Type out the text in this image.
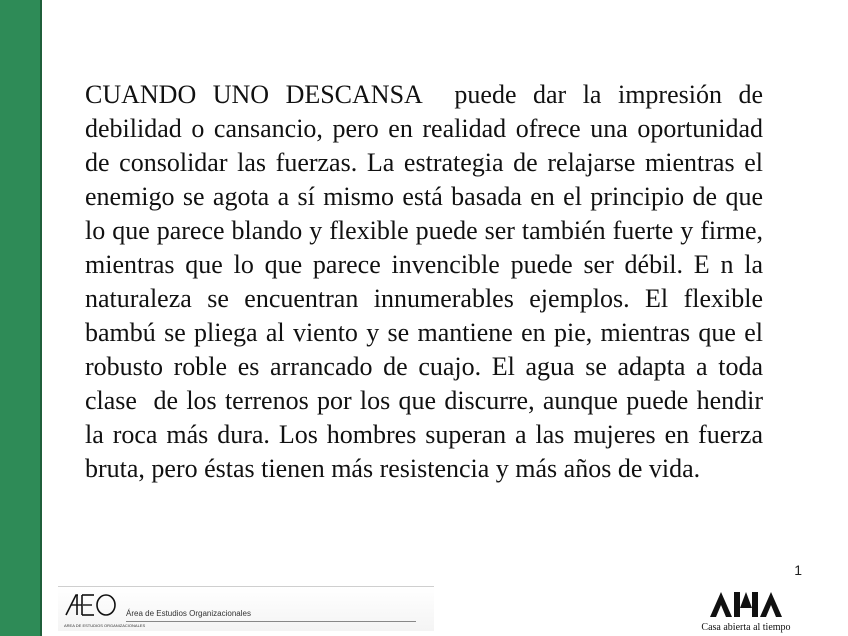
CUANDO UNO DESCANSA  puede dar la impresión de debilidad o cansancio, pero en realidad ofrece una oportunidad de consolidar las fuerzas. La estrategia de relajarse mientras el enemigo se agota a sí mismo está basada en el principio de que lo que parece blando y flexible puede ser también fuerte y firme, mientras que lo que parece invencible puede ser débil. E n la naturaleza se encuentran innumerables ejemplos. El flexible bambú se pliega al viento y se mantiene en pie, mientras que el robusto roble es arrancado de cuajo. El agua se adapta a toda clase  de los terrenos por los que discurre, aunque puede hendir la roca más dura. Los hombres superan a las mujeres en fuerza bruta, pero éstas tienen más resistencia y más años de vida.

1
AREA DE ESTUDIOS ORGANIZACIONALES
Área de Estudios Organizacionales
Casa abierta al tiempo
